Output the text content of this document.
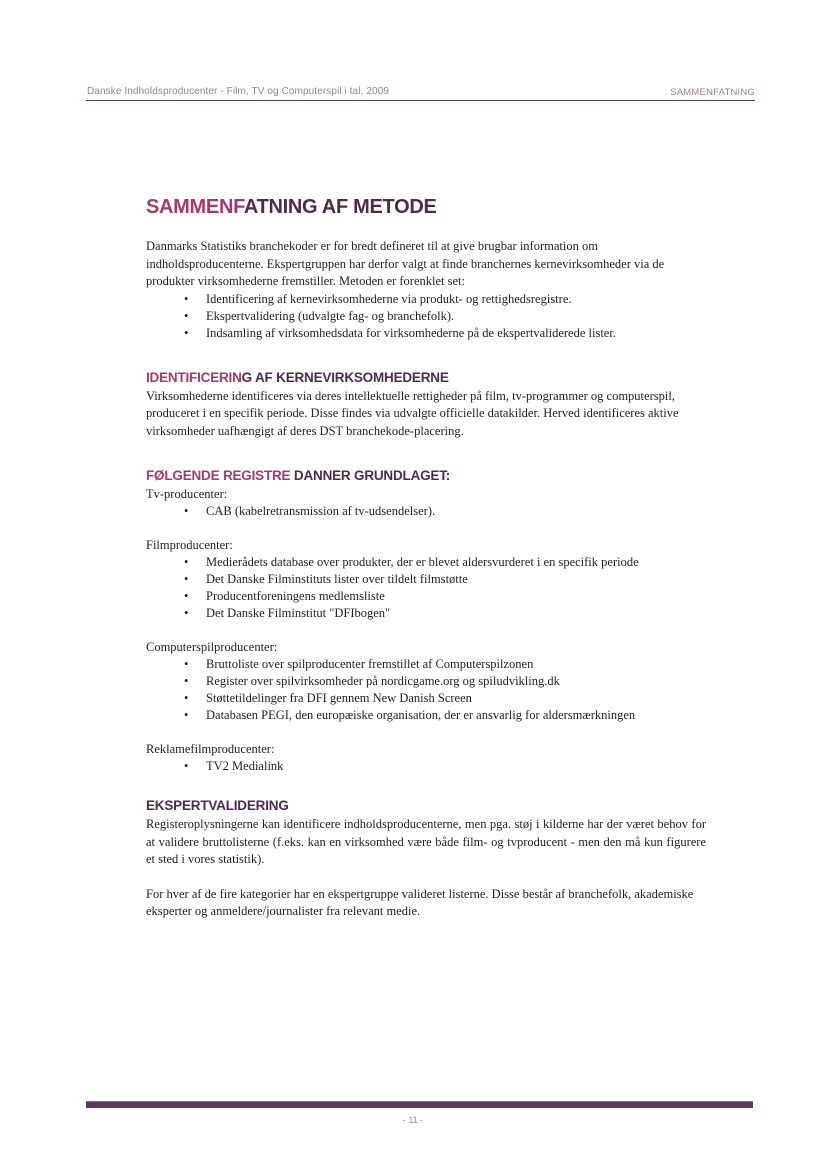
Danske Indholdsproducenter - Film, TV og Computerspil i tal, 2009	SAMMENFATNING
SAMMENFATNING AF METODE

Danmarks Statistiks branchekoder er for bredt defineret til at give brugbar information om indholdsproducenterne. Ekspertgruppen har derfor valgt at finde branchernes kernevirksomheder via de produkter virksomhederne fremstiller. Metoden er forenklet set:

• Identificering af kernevirksomhederne via produkt- og rettighedsregistre.
• Ekspertvalidering (udvalgte fag- og branchefolk).
• Indsamling af virksomhedsdata for virksomhederne på de ekspertvaliderede lister.
IDENTIFICERING AF KERNEVIRKSOMHEDERNE

Virksomhederne identificeres via deres intellektuelle rettigheder på film, tv-programmer og computerspil, produceret i en specifik periode. Disse findes via udvalgte officielle datakilder. Herved identificeres aktive virksomheder uafhængigt af deres DST branchekode-placering.

FØLGENDE REGISTRE DANNER GRUNDLAGET:
Tv-producenter:
• CAB (kabelretransmission af tv-udsendelser).
Filmproducenter:
• Medierådets database over produkter, der er blevet aldersvurderet i en specifik periode
• Det Danske Filminstituts lister over tildelt filmstøtte
• Producentforeningens medlemsliste
• Det Danske Filminstitut "DFIbogen"
Computerspilproducenter:
• Bruttoliste over spilproducenter fremstillet af Computerspilzonen
• Register over spilvirksomheder på nordicgame.org og spiludvikling.dk
• Støttetildelinger fra DFI gennem New Danish Screen
• Databasen PEGI, den europæiske organisation, der er ansvarlig for aldersmærkningen
Reklamefilmproducenter:
• TV2 Medialink
EKSPERTVALIDERING

Registeroplysningerne kan identificere indholdsproducenterne, men pga. støj i kilderne har der været behov for at validere bruttolisterne (f.eks. kan en virksomhed være både film- og tvproducent - men den må kun figurere et sted i vores statistik).

For hver af de fire kategorier har en ekspertgruppe valideret listerne. Disse består af branchefolk, akademiske eksperter og anmeldere/journalister fra relevant medie.

- 11 -
